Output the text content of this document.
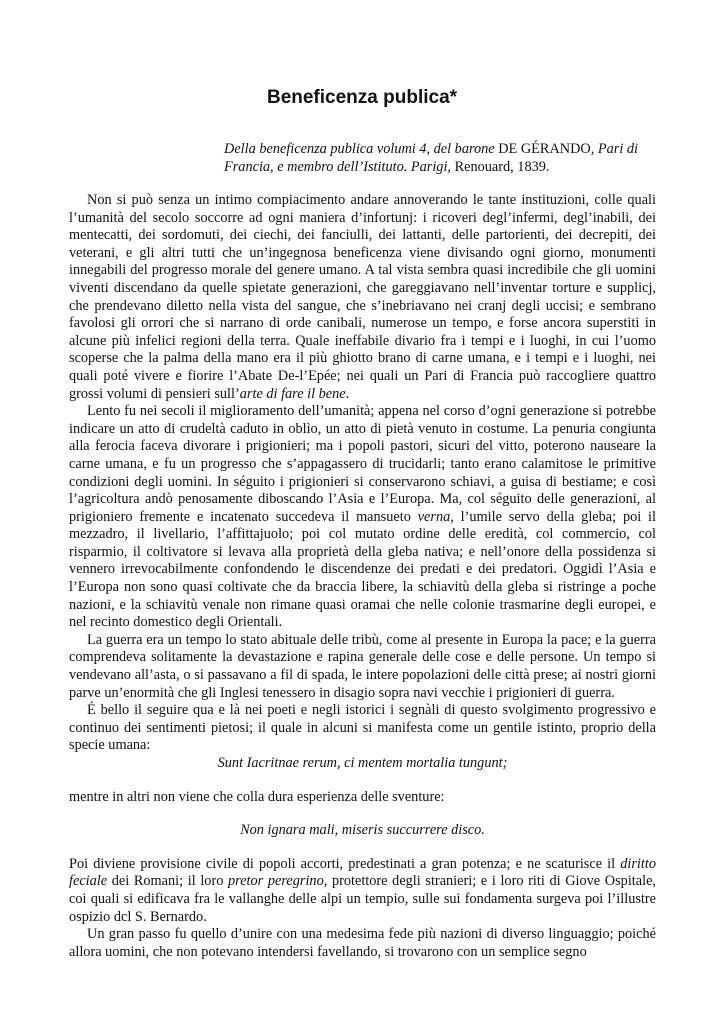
Beneficenza publica*

Della beneficenza publica volumi 4, del barone DE GÉRANDO, Pari di Francia, e membro dell’Istituto. Parigi, Renouard, 1839.

Non si può senza un intimo compiacimento andare annoverando le tante instituzioni, colle quali l’umanità del secolo soccorre ad ogni maniera d’infortunj: i ricoveri degl’infermi, degl’inabili, dei mentecatti, dei sordomuti, dei ciechi, dei fanciulli, dei lattanti, delle partorienti, dei decrepiti, dei veterani, e gli altri tutti che un’ingegnosa beneficenza viene divisando ogni giorno, monumenti innegabili del progresso morale del genere umano. A tal vista sembra quasi incredibile che gli uomini viventi discendano da quelle spietate generazioni, che gareggiavano nell’inventar torture e supplicj, che prendevano diletto nella vista del sangue, che s’inebriavano nei cranj degli uccisi; e sembrano favolosi gli orrori che si narrano di orde canibali, numerose un tempo, e forse ancora superstiti in alcune più infelici regioni della terra. Quale ineffabile divario fra i tempi e i luoghi, in cui l’uomo scoperse che la palma della mano era il più ghiotto brano di carne umana, e i tempi e i luoghi, nei quali poté vivere e fiorire l’Abate De-l’Epée; nei quali un Pari di Francia può raccogliere quattro grossi volumi di pensieri sull’arte di fare il bene.

Lento fu nei secoli il miglioramento dell’umanità; appena nel corso d’ogni generazione si potrebbe indicare un atto di crudeltà caduto in oblìo, un atto di pietà venuto in costume. La penuria congiunta alla ferocia faceva divorare i prigionieri; ma i popoli pastori, sicuri del vitto, poterono nauseare la carne umana, e fu un progresso che s’appagassero di trucidarli; tanto erano calamitose le primitive condizioni degli uomini. In séguito i prigionieri si conservarono schiavi, a guisa di bestiame; e così l’agricoltura andò penosamente diboscando l’Asia e l’Europa. Ma, col séguito delle generazioni, al prigioniero fremente e incatenato succedeva il mansueto verna, l’umile servo della gleba; poi il mezzadro, il livellario, l’affittajuolo; poi col mutato ordine delle eredità, col commercio, col risparmio, il coltivatore si levava alla proprietà della gleba nativa; e nell’onore della possidenza si vennero irrevocabilmente confondendo le discendenze dei predati e dei predatori. Oggidì l’Asia e l’Europa non sono quasi coltivate che da braccia libere, la schiavitù della gleba si ristringe a poche nazioni, e la schiavitù venale non rimane quasi oramai che nelle colonie trasmarine degli europei, e nel recinto domestico degli Orientali.

La guerra era un tempo lo stato abituale delle tribù, come al presente in Europa la pace; e la guerra comprendeva solitamente la devastazione e rapina generale delle cose e delle persone. Un tempo si vendevano all’asta, o si passavano a fil di spada, le intere popolazioni delle città prese; ai nostri giorni parve un’enormità che gli Inglesi tenessero in disagio sopra navi vecchie i prigionieri di guerra.

É bello il seguire qua e là nei poeti e negli istorici i segnàli di questo svolgimento progressivo e continuo dei sentimenti pietosi; il quale in alcuni si manifesta come un gentile istinto, proprio della specie umana:

Sunt Iacritnae rerum, ci mentem mortalia tungunt;

mentre in altri non viene che colla dura esperienza delle sventure:

Non ignara mali, miseris succurrere disco.

Poi diviene provisione civile di popoli accorti, predestinati a gran potenza; e ne scaturisce il diritto feciale dei Romani; il loro pretor peregrino, protettore degli stranieri; e i loro riti di Giove Ospitale, coi quali si edificava fra le vallanghe delle alpi un tempio, sulle sui fondamenta surgeva poi l’illustre ospizio dcl S. Bernardo.

Un gran passo fu quello d’unire con una medesima fede più nazioni di diverso linguaggio; poiché allora uomini, che non potevano intendersi favellando, si trovarono con un semplice segno
